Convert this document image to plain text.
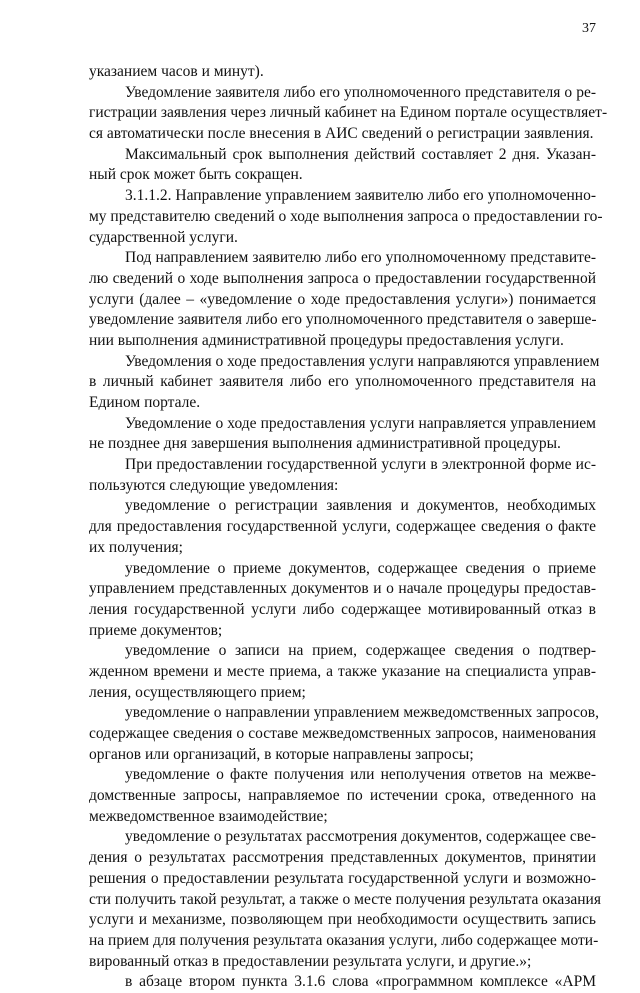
37
указанием часов и минут).
Уведомление заявителя либо его уполномоченного представителя о ре-
гистрации заявления через личный кабинет на Едином портале осуществляет-
ся автоматически после внесения в АИС сведений о регистрации заявления.
Максимальный срок выполнения действий составляет 2 дня. Указан-
ный срок может быть сокращен.
3.1.1.2. Направление управлением заявителю либо его уполномоченно-
му представителю сведений о ходе выполнения запроса о предоставлении го-
сударственной услуги.
Под направлением заявителю либо его уполномоченному представите-
лю сведений о ходе выполнения запроса о предоставлении государственной
услуги (далее – «уведомление о ходе предоставления услуги») понимается
уведомление заявителя либо его уполномоченного представителя о заверше-
нии выполнения административной процедуры предоставления услуги.
Уведомления о ходе предоставления услуги направляются управлением
в личный кабинет заявителя либо его уполномоченного представителя на
Едином портале.
Уведомление о ходе предоставления услуги направляется управлением
не позднее дня завершения выполнения административной процедуры.
При предоставлении государственной услуги в электронной форме ис-
пользуются следующие уведомления:
уведомление о регистрации заявления и документов, необходимых
для предоставления государственной услуги, содержащее сведения о факте
их получения;
уведомление о приеме документов, содержащее сведения о приеме
управлением представленных документов и о начале процедуры предостав-
ления государственной услуги либо содержащее мотивированный отказ в
приеме документов;
уведомление о записи на прием, содержащее сведения о подтвер-
жденном времени и месте приема, а также указание на специалиста управ-
ления, осуществляющего прием;
уведомление о направлении управлением межведомственных запросов,
содержащее сведения о составе межведомственных запросов, наименования
органов или организаций, в которые направлены запросы;
уведомление о факте получения или неполучения ответов на межве-
домственные запросы, направляемое по истечении срока, отведенного на
межведомственное взаимодействие;
уведомление о результатах рассмотрения документов, содержащее све-
дения о результатах рассмотрения представленных документов, принятии
решения о предоставлении результата государственной услуги и возможно-
сти получить такой результат, а также о месте получения результата оказания
услуги и механизме, позволяющем при необходимости осуществить запись
на прием для получения результата оказания услуги, либо содержащее моти-
вированный отказ в предоставлении результата услуги, и другие.»;
в абзаце втором пункта 3.1.6 слова «программном комплексе «АРМ
